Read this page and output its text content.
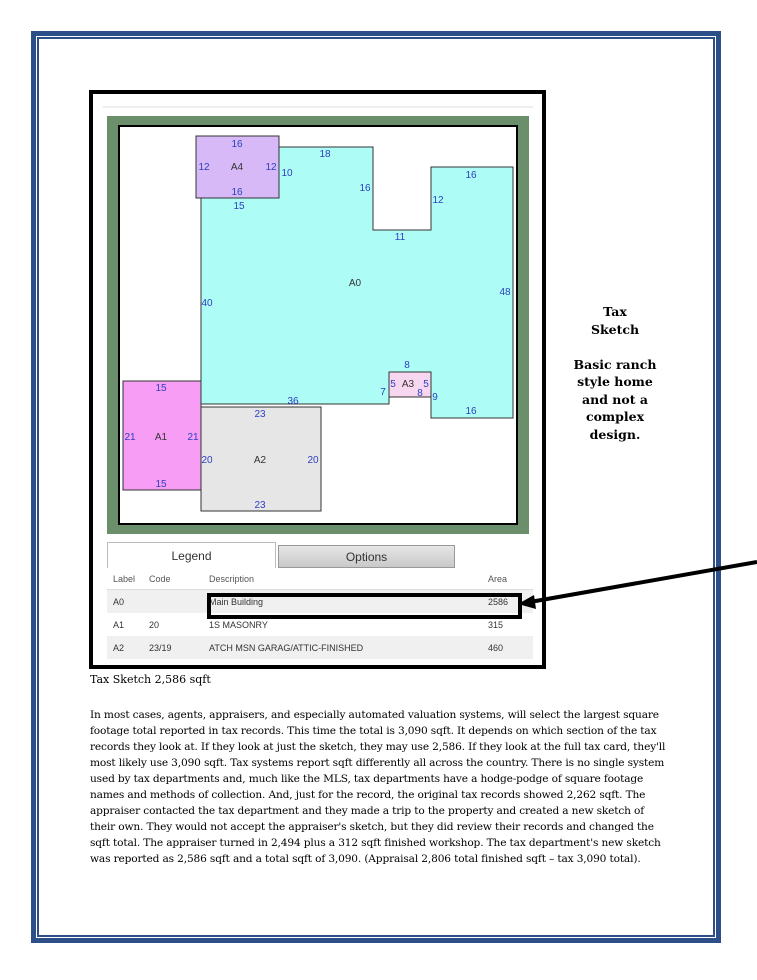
A0
18
16
11
12
16
48
16
9
8
7
36
40
15
10
A1
15
21	21
15
A2
23
20	20
23
A3
5	5
8
A4
16
12	12
16
Legend	Options
Label	Code	Description	Area
A0		Main Building	2586
A1	20	1S MASONRY	315
A2	23/19	ATCH MSN GARAG/ATTIC-FINISHED	460

Tax

Sketch

Basic ranch

style home

and not a

complex

design.

Tax Sketch 2,586 sqft

In most cases, agents, appraisers, and especially automated valuation systems, will select the largest square footage total reported in tax records. This time the total is 3,090 sqft. It depends on which section of the tax records they look at. If they look at just the sketch, they may use 2,586. If they look at the full tax card, they'll most likely use 3,090 sqft. Tax systems report sqft differently all across the country. There is no single system used by tax departments and, much like the MLS, tax departments have a hodge-podge of square footage names and methods of collection. And, just for the record, the original tax records showed 2,262 sqft. The appraiser contacted the tax department and they made a trip to the property and created a new sketch of their own. They would not accept the appraiser's sketch, but they did review their records and changed the sqft total. The appraiser turned in 2,494 plus a 312 sqft finished workshop. The tax department's new sketch was reported as 2,586 sqft and a total sqft of 3,090. (Appraisal 2,806 total finished sqft – tax 3,090 total).
